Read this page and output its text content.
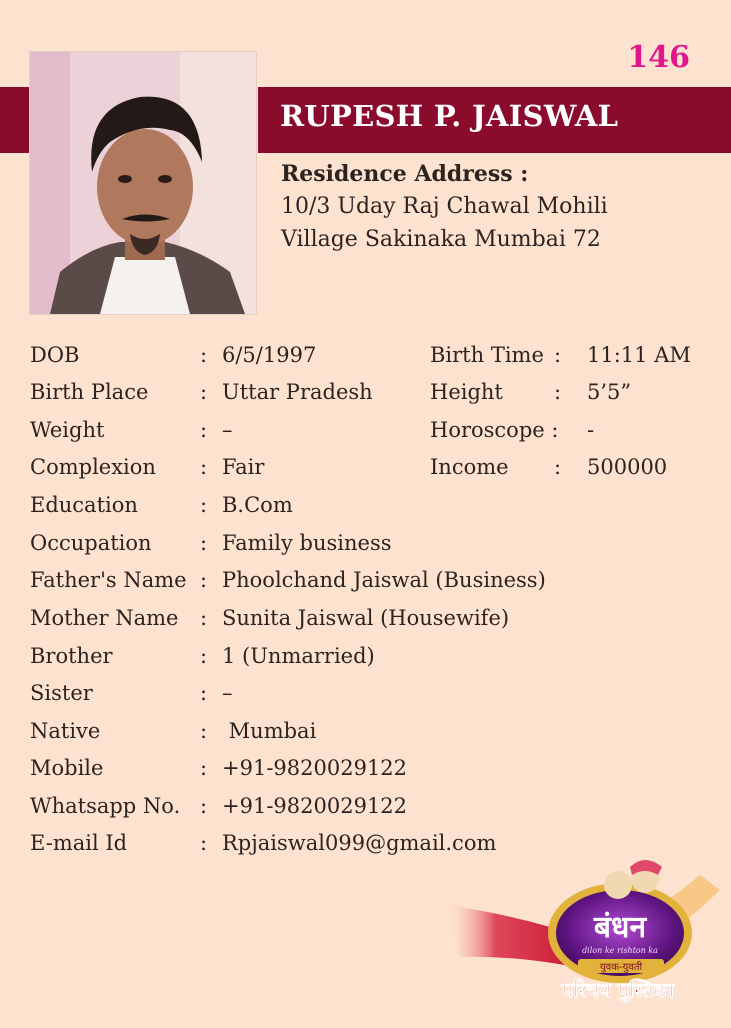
146
RUPESH P. JAISWAL
Residence Address :
10/3 Uday Raj Chawal Mohili
Village Sakinaka Mumbai 72
DOB	: 6/5/1997	Birth Time : 11:11 AM
Birth Place : Uttar Pradesh	Height : 5’5”
Weight	: –	Horoscope : -
Complexion : Fair	Income : 500000
Education	: B.Com
Occupation : Family business
Father's Name : Phoolchand Jaiswal (Business)
Mother Name : Sunita Jaiswal (Housewife)
Brother	: 1 (Unmarried)
Sister	: –
Native	: Mumbai
Mobile	: +91-9820029122
Whatsapp No. : +91-9820029122
E-mail Id	: Rpjaiswal099@gmail.com
बंधन
dilon ke rishton ka
युवक-युवती
परिचय पुस्तिका
